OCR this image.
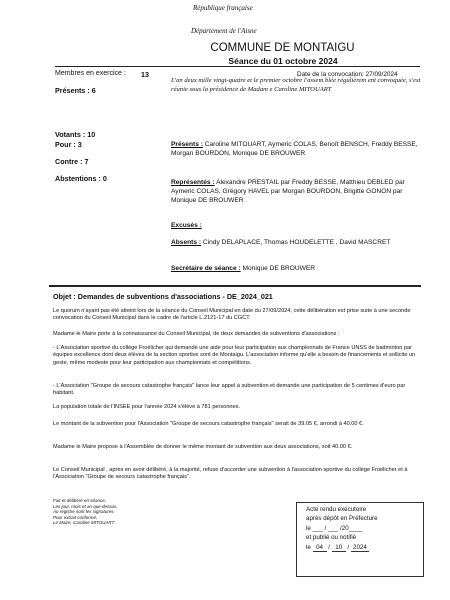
République française
Département de l'Aisne
COMMUNE DE MONTAIGU
Séance du 01 octobre 2024
Membres en exercice : 13
Présents : 6
Votants : 10
Pour : 3
Contre : 7
Abstentions : 0
Date de la convocation: 27/09/2024
L'an deux mille vingt-quatre et le premier octobre l'assem blée régulièrem ent convoquée, s'est réunie sous la présidence de Madam e Caroline MITOUART
Présents : Caroline MITOUART, Aymeric COLAS, Benoît BENSCH, Freddy BESSE, Morgan BOURDON, Monique DE BROUWER
Représentés : Alexandre PRESTAIL par Freddy BESSE, Matthieu DEBLED par Aymeric COLAS, Grégory HAVEL par Morgan BOURDON, Brigitte GONON par Monique DE BROUWER
Excusés :
Absents : Cindy DELAPLACE, Thomas HOUDELETTE , David MASCRET
Secrétaire de séance : Monique DE BROUWER
Objet : Demandes de subventions d'associations - DE_2024_021
Le quorum n'ayant pas été atteint lors de la séance du Conseil Municipal en date du 27/09/2024, cette délibération est prise suite à une seconde convocation du Conseil Municipal dans le cadre de l'article L.2121-17 du CGCT.
Madame le Maire porte à la connaissance du Conseil Municipal, de deux demandes de subventions d'associations :
- L'Association sportive du collège Froëlicher qui demande une aide pour leur participation aux championnats de France UNSS de badminton par équipes excellence dont deux élèves de la section sportive sont de Montaigu. L'association informe qu'elle a besoin de financements et sollicite un geste, même modeste pour leur participation aux championnats et compétitions.
- L'Association "Groupe de secours catastrophe français" lance leur appel à subvention et demande une participation de 5 centimes d'euro par habitant.
La population totale de l'INSEE pour l'année 2024 s'élève à 781 personnes.
Le montant de la subvention pour l'Association "Groupe de secours catastrophe français" serait de 39.05 €, arrondi à 40.00 €.
Madame le Maire propose à l'Assemblée de donner le même montant de subvention aux deux associations, soit 40.00 €.
Le Conseil Municipal , après en avoir délibéré, à la majorité, refuse d'accorder une subvention à l'association sportive du collège Froëlicher et à l'Association "Groupe de secours catastrophe français".
Fait et délibéré en séance,
Les jour, mois et an que dessus,
Au registre sont les signatures,
Pour extrait conforme,
Le Maire, Caroline MITOUART
Acte rendu exécutoire
après dépôt en Préfecture
le ___ / ___ /20____
et publié ou notifié
le 04 / 10 / 2024
